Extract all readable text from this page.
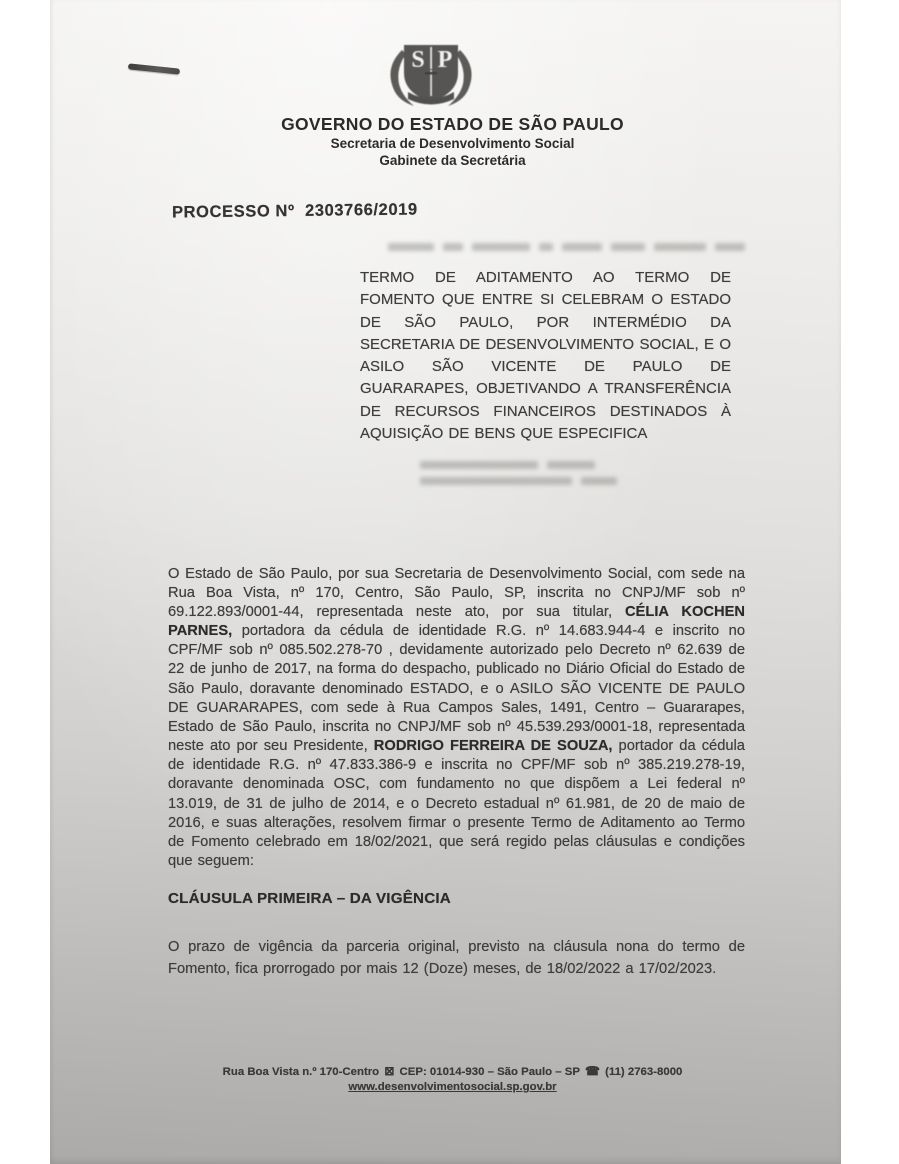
S P
GOVERNO DO ESTADO DE SÃO PAULO
Secretaria de Desenvolvimento Social
Gabinete da Secretária
PROCESSO Nº  2303766/2019
TERMO DE ADITAMENTO AO TERMO DE FOMENTO QUE ENTRE SI CELEBRAM O ESTADO DE SÃO PAULO, POR INTERMÉDIO DA SECRETARIA DE DESENVOLVIMENTO SOCIAL, E O ASILO SÃO VICENTE DE PAULO DE GUARARAPES, OBJETIVANDO A TRANSFERÊNCIA DE RECURSOS FINANCEIROS DESTINADOS À AQUISIÇÃO DE BENS QUE ESPECIFICA

O Estado de São Paulo, por sua Secretaria de Desenvolvimento Social, com sede na Rua Boa Vista, nº 170, Centro, São Paulo, SP, inscrita no CNPJ/MF sob nº 69.122.893/0001-44, representada neste ato, por sua titular, CÉLIA KOCHEN PARNES, portadora da cédula de identidade R.G. nº 14.683.944-4 e inscrito no CPF/MF sob nº 085.502.278-70 , devidamente autorizado pelo Decreto nº 62.639 de 22 de junho de 2017, na forma do despacho, publicado no Diário Oficial do Estado de São Paulo, doravante denominado ESTADO, e o ASILO SÃO VICENTE DE PAULO DE GUARARAPES, com sede à Rua Campos Sales, 1491, Centro – Guararapes, Estado de São Paulo, inscrita no CNPJ/MF sob nº 45.539.293/0001-18, representada neste ato por seu Presidente, RODRIGO FERREIRA DE SOUZA, portador da cédula de identidade R.G. nº 47.833.386-9 e inscrita no CPF/MF sob nº 385.219.278-19, doravante denominada OSC, com fundamento no que dispõem a Lei federal nº 13.019, de 31 de julho de 2014, e o Decreto estadual nº 61.981, de 20 de maio de 2016, e suas alterações, resolvem firmar o presente Termo de Aditamento ao Termo de Fomento celebrado em 18/02/2021, que será regido pelas cláusulas e condições que seguem:

CLÁUSULA PRIMEIRA – DA VIGÊNCIA

O prazo de vigência da parceria original, previsto na cláusula nona do termo de Fomento, fica prorrogado por mais 12 (Doze) meses, de 18/02/2022 a 17/02/2023.

Rua Boa Vista n.º 170-Centro ⊠ CEP: 01014-930 – São Paulo – SP ☎ (11) 2763-8000
www.desenvolvimentosocial.sp.gov.br
